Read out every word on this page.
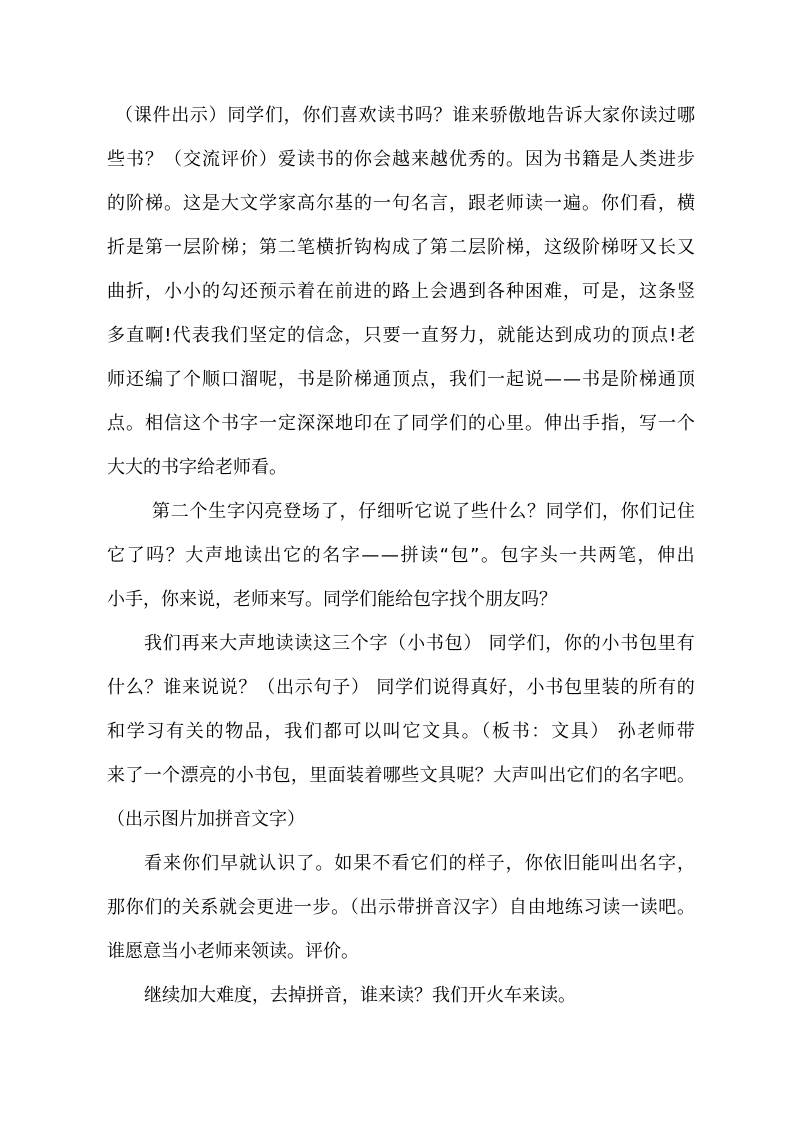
（课件出示）同学们，你们喜欢读书吗？谁来骄傲地告诉大家你读过哪
些书？（交流评价）爱读书的你会越来越优秀的。因为书籍是人类进步
的阶梯。这是大文学家高尔基的一句名言，跟老师读一遍。你们看，横
折是第一层阶梯；第二笔横折钩构成了第二层阶梯，这级阶梯呀又长又
曲折，小小的勾还预示着在前进的路上会遇到各种困难，可是，这条竖
多直啊!代表我们坚定的信念，只要一直努力，就能达到成功的顶点!老
师还编了个顺口溜呢，书是阶梯通顶点，我们一起说——书是阶梯通顶
点。相信这个书字一定深深地印在了同学们的心里。伸出手指，写一个
大大的书字给老师看。
第二个生字闪亮登场了，仔细听它说了些什么？同学们，你们记住
它了吗？大声地读出它的名字——拼读“包”。包字头一共两笔，伸出
小手，你来说，老师来写。同学们能给包字找个朋友吗？
我们再来大声地读读这三个字（小书包） 同学们，你的小书包里有
什么？谁来说说？（出示句子） 同学们说得真好，小书包里装的所有的
和学习有关的物品，我们都可以叫它文具。（板书：文具） 孙老师带
来了一个漂亮的小书包，里面装着哪些文具呢？大声叫出它们的名字吧。
（出示图片加拼音文字）
看来你们早就认识了。如果不看它们的样子，你依旧能叫出名字，
那你们的关系就会更进一步。（出示带拼音汉字）自由地练习读一读吧。
谁愿意当小老师来领读。评价。
继续加大难度，去掉拼音，谁来读？我们开火车来读。
